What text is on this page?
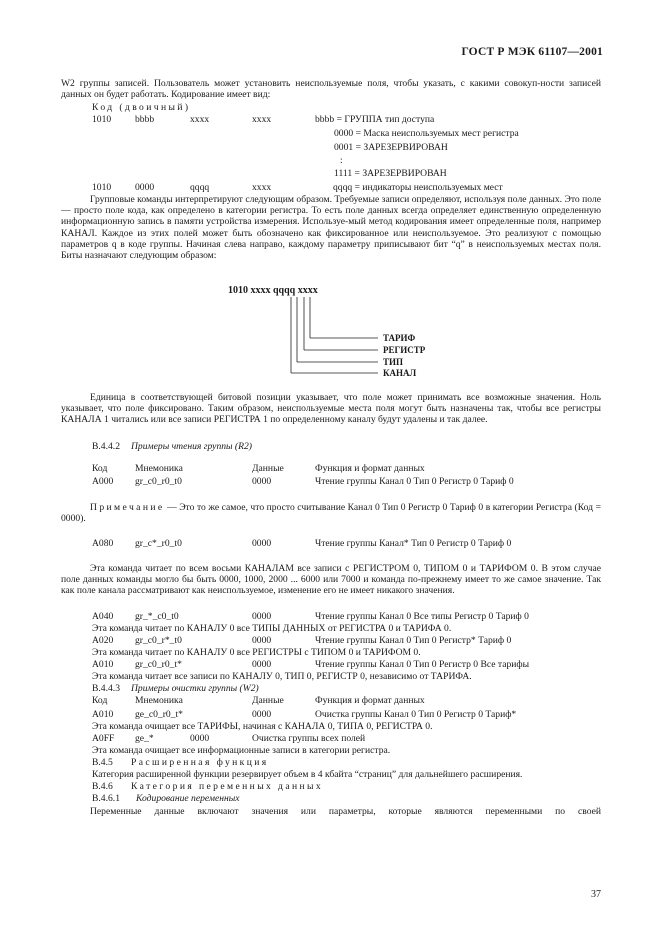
ГОСТ Р МЭК 61107—2001
W2 группы записей. Пользователь может установить неиспользуемые поля, чтобы указать, с какими совокуп-ности записей данных он будет работать. Кодирование имеет вид:
Код (двоичный)
1010 bbbb	xxxx	xxxx	bbbb = ГРУППА тип доступа
0000 = Маска неиспользуемых мест регистра
0001 = ЗАРЕЗЕРВИРОВАН
:
1111 = ЗАРЕЗЕРВИРОВАН
1010 0000	qqqq	xxxx	qqqq = индикаторы неиспользуемых мест
Групповые команды интерпретируют следующим образом. Требуемые записи определяют, используя поле данных. Это поле — просто поле кода, как определено в категории регистра. То есть поле данных всегда определяет единственную определенную информационную запись в памяти устройства измерения. Используе-мый метод кодирования имеет определенные поля, например КАНАЛ. Каждое из этих полей может быть обозначено как фиксированное или неиспользуемое. Это реализуют с помощью параметров q в коде группы. Начиная слева направо, каждому параметру приписывают бит “q” в неиспользуемых местах поля. Биты назначают следующим образом:
1010 xxxx qqqq xxxx
ТАРИФ
РЕГИСТР
ТИП
КАНАЛ
Единица в соответствующей битовой позиции указывает, что поле может принимать все возможные значения. Ноль указывает, что поле фиксировано. Таким образом, неиспользуемые места поля могут быть назначены так, чтобы все регистры КАНАЛА 1 читались или все записи РЕГИСТРА 1 по определенному каналу будут удалены и так далее.
В.4.4.2 Примеры чтения группы (R2)
Код	Мнемоника	Данные	Функция и формат данных
A000 gr_c0_r0_t0	0000	Чтение группы Канал 0 Тип 0 Регистр 0 Тариф 0
Примечание — Это то же самое, что просто считывание Канал 0 Тип 0 Регистр 0 Тариф 0 в категории Регистра (Код = 0000).
A080 gr_c*_r0_t0	0000	Чтение группы Канал* Тип 0 Регистр 0 Тариф 0
Эта команда читает по всем восьми КАНАЛАМ все записи с РЕГИСТРОМ 0, ТИПОМ 0 и ТАРИФОМ 0. В этом случае поле данных команды могло бы быть 0000, 1000, 2000 ... 6000 или 7000 и команда по-прежнему имеет то же самое значение. Так как поле канала рассматривают как неиспользуемое, изменение его не имеет никакого значения.
A040 gr_*_c0_t0	0000	Чтение группы Канал 0 Все типы Регистр 0 Тариф 0
Эта команда читает по КАНАЛУ 0 все ТИПЫ ДАННЫХ от РЕГИСТРА 0 и ТАРИФА 0.
A020 gr_c0_r*_t0	0000	Чтение группы Канал 0 Тип 0 Регистр* Тариф 0
Эта команда читает по КАНАЛУ 0 все РЕГИСТРЫ с ТИПОМ 0 и ТАРИФОМ 0.
A010 gr_c0_r0_t*	0000	Чтение группы Канал 0 Тип 0 Регистр 0 Все тарифы
Эта команда читает все записи по КАНАЛУ 0, ТИП 0, РЕГИСТР 0, независимо от ТАРИФА.
В.4.4.3 Примеры очистки группы (W2)
Код	Мнемоника	Данные	Функция и формат данных
A010 ge_c0_r0_t*	0000	Очистка группы Канал 0 Тип 0 Регистр 0 Тариф*
Эта команда очищает все ТАРИФЫ, начиная с КАНАЛА 0, ТИПА 0, РЕГИСТРА 0.
A0FF ge_*	0000	Очистка группы всех полей
Эта команда очищает все информационные записи в категории регистра.
В.4.5 Расширенная функция
Категория расширенной функции резервирует объем в 4 кбайта “страниц” для дальнейшего расширения.
В.4.6 Категория переменных данных
В.4.6.1 Кодирование переменных
Переменные данные включают значения или параметры, которые являются переменными по своей
37
